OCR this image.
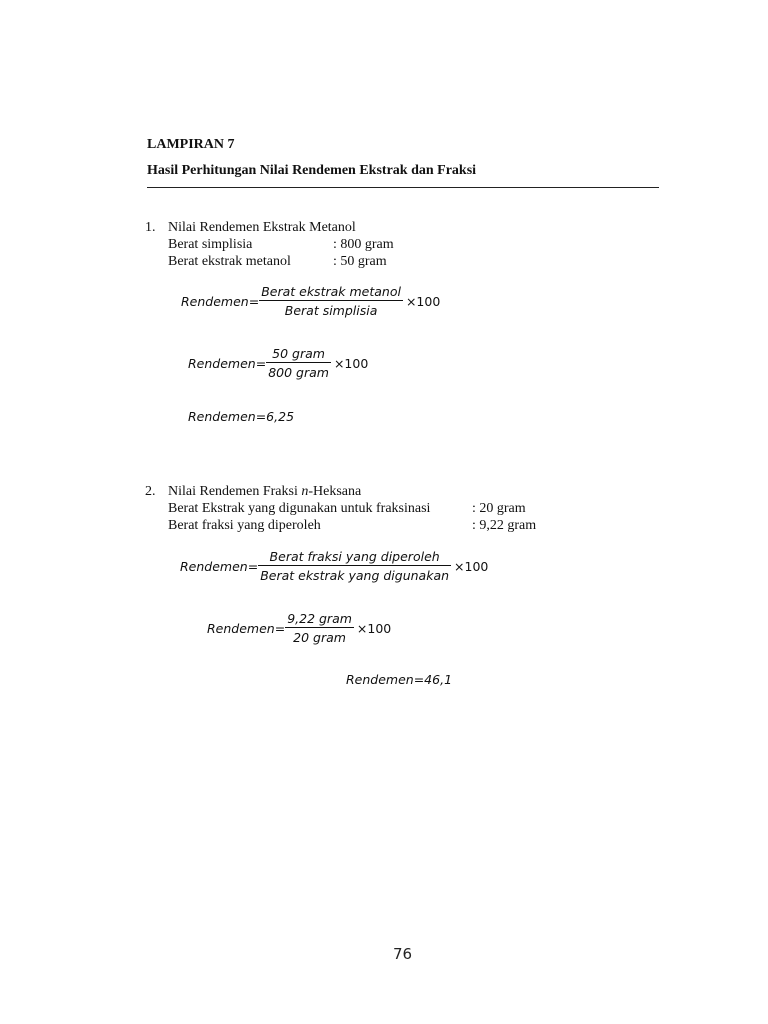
LAMPIRAN 7
Hasil Perhitungan Nilai Rendemen Ekstrak dan Fraksi
1. Nilai Rendemen Ekstrak Metanol
Berat simplisia	: 800 gram
Berat ekstrak metanol	: 50 gram
Rendemen= $\frac{\text{Berat ekstrak metanol}}{\text{Berat simplisia}} \times 100$
Rendemen= $\frac{\text{50 gram}}{\text{800 gram}} \times 100$
Rendemen=6,25
2. Nilai Rendemen Fraksi n-Heksana
Berat Ekstrak yang digunakan untuk fraksinasi	: 20 gram
Berat fraksi yang diperoleh	: 9,22 gram
Rendemen= $\frac{\text{Berat fraksi yang diperoleh}}{\text{Berat ekstrak yang digunakan}} \times 100$
Rendemen= $\frac{\text{9,22 gram}}{\text{20 gram}} \times 100$
Rendemen=46,1
76
